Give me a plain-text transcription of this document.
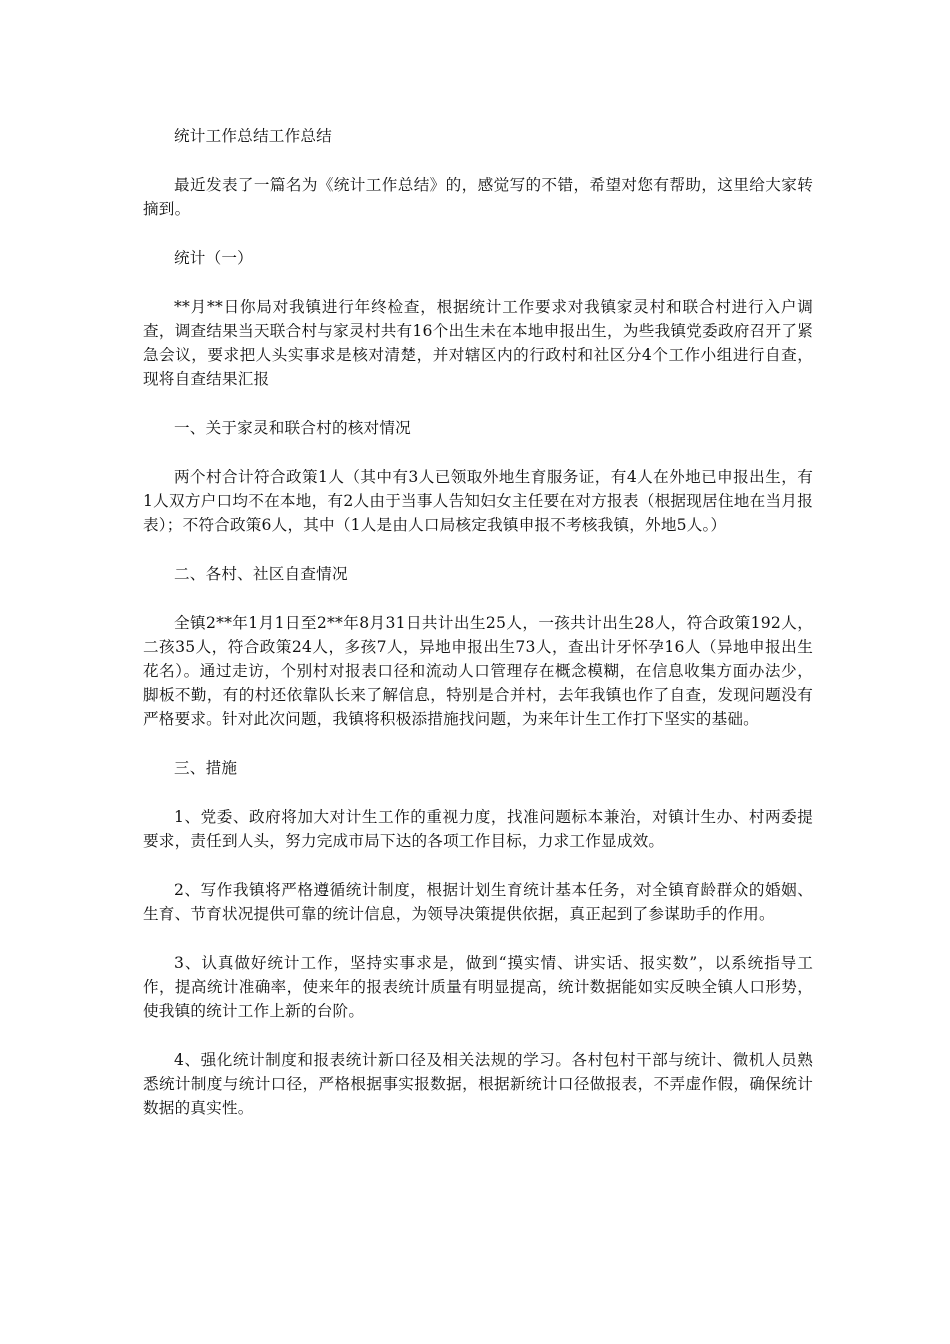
统计工作总结工作总结

最近发表了一篇名为《统计工作总结》的，感觉写的不错，希望对您有帮助，这里给大家转摘到。

统计（一）

**月**日你局对我镇进行年终检查，根据统计工作要求对我镇家灵村和联合村进行入户调查，调查结果当天联合村与家灵村共有16个出生未在本地申报出生，为些我镇党委政府召开了紧急会议，要求把人头实事求是核对清楚，并对辖区内的行政村和社区分4个工作小组进行自查，现将自查结果汇报

一、关于家灵和联合村的核对情况

两个村合计符合政策1人（其中有3人已领取外地生育服务证，有4人在外地已申报出生，有1人双方户口均不在本地，有2人由于当事人告知妇女主任要在对方报表（根据现居住地在当月报表）；不符合政策6人，其中（1人是由人口局核定我镇申报不考核我镇，外地5人。）

二、各村、社区自查情况

全镇2**年1月1日至2**年8月31日共计出生25人，一孩共计出生28人，符合政策192人，二孩35人，符合政策24人，多孩7人，异地申报出生73人，查出计牙怀孕16人（异地申报出生花名）。通过走访，个别村对报表口径和流动人口管理存在概念模糊，在信息收集方面办法少，脚板不勤，有的村还依靠队长来了解信息，特别是合并村，去年我镇也作了自查，发现问题没有严格要求。针对此次问题，我镇将积极添措施找问题，为来年计生工作打下坚实的基础。

三、措施

1、党委、政府将加大对计生工作的重视力度，找准问题标本兼治，对镇计生办、村两委提要求，责任到人头，努力完成市局下达的各项工作目标，力求工作显成效。

2、写作我镇将严格遵循统计制度，根据计划生育统计基本任务，对全镇育龄群众的婚姻、生育、节育状况提供可靠的统计信息，为领导决策提供依据，真正起到了参谋助手的作用。

3、认真做好统计工作，坚持实事求是，做到“摸实情、讲实话、报实数”，以系统指导工作，提高统计准确率，使来年的报表统计质量有明显提高，统计数据能如实反映全镇人口形势，使我镇的统计工作上新的台阶。

4、强化统计制度和报表统计新口径及相关法规的学习。各村包村干部与统计、微机人员熟悉统计制度与统计口径，严格根据事实报数据，根据新统计口径做报表，不弄虚作假，确保统计数据的真实性。
